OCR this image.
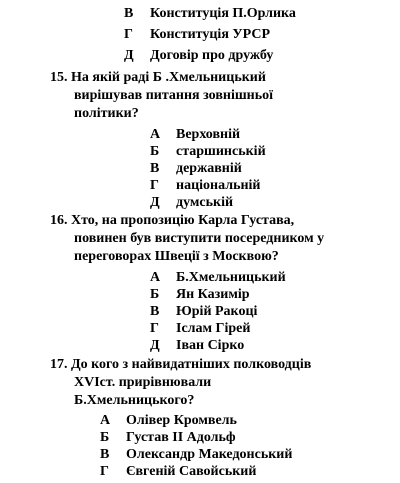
В Конституція П.Орлика
Г Конституція УРСР
Д Договір про дружбу
15. На якій раді Б .Хмельницький
вирішував питання зовнішньої
політики?
А Верховній
Б старшинській
В державній
Г національній
Д думській
16. Хто, на пропозицію Карла Густава,
повинен був виступити посередником у
переговорах Швеції з Москвою?
А Б.Хмельницький
Б Ян Казимір
В Юрій Ракоці
Г Іслам Гірей
Д Іван Сірко
17. До кого з найвидатніших полководців
XVIст. прирівнювали
Б.Хмельницького?
А Олівер Кромвель
Б Густав II Адольф
В Олександр Македонський
Г Євгеній Савойський
